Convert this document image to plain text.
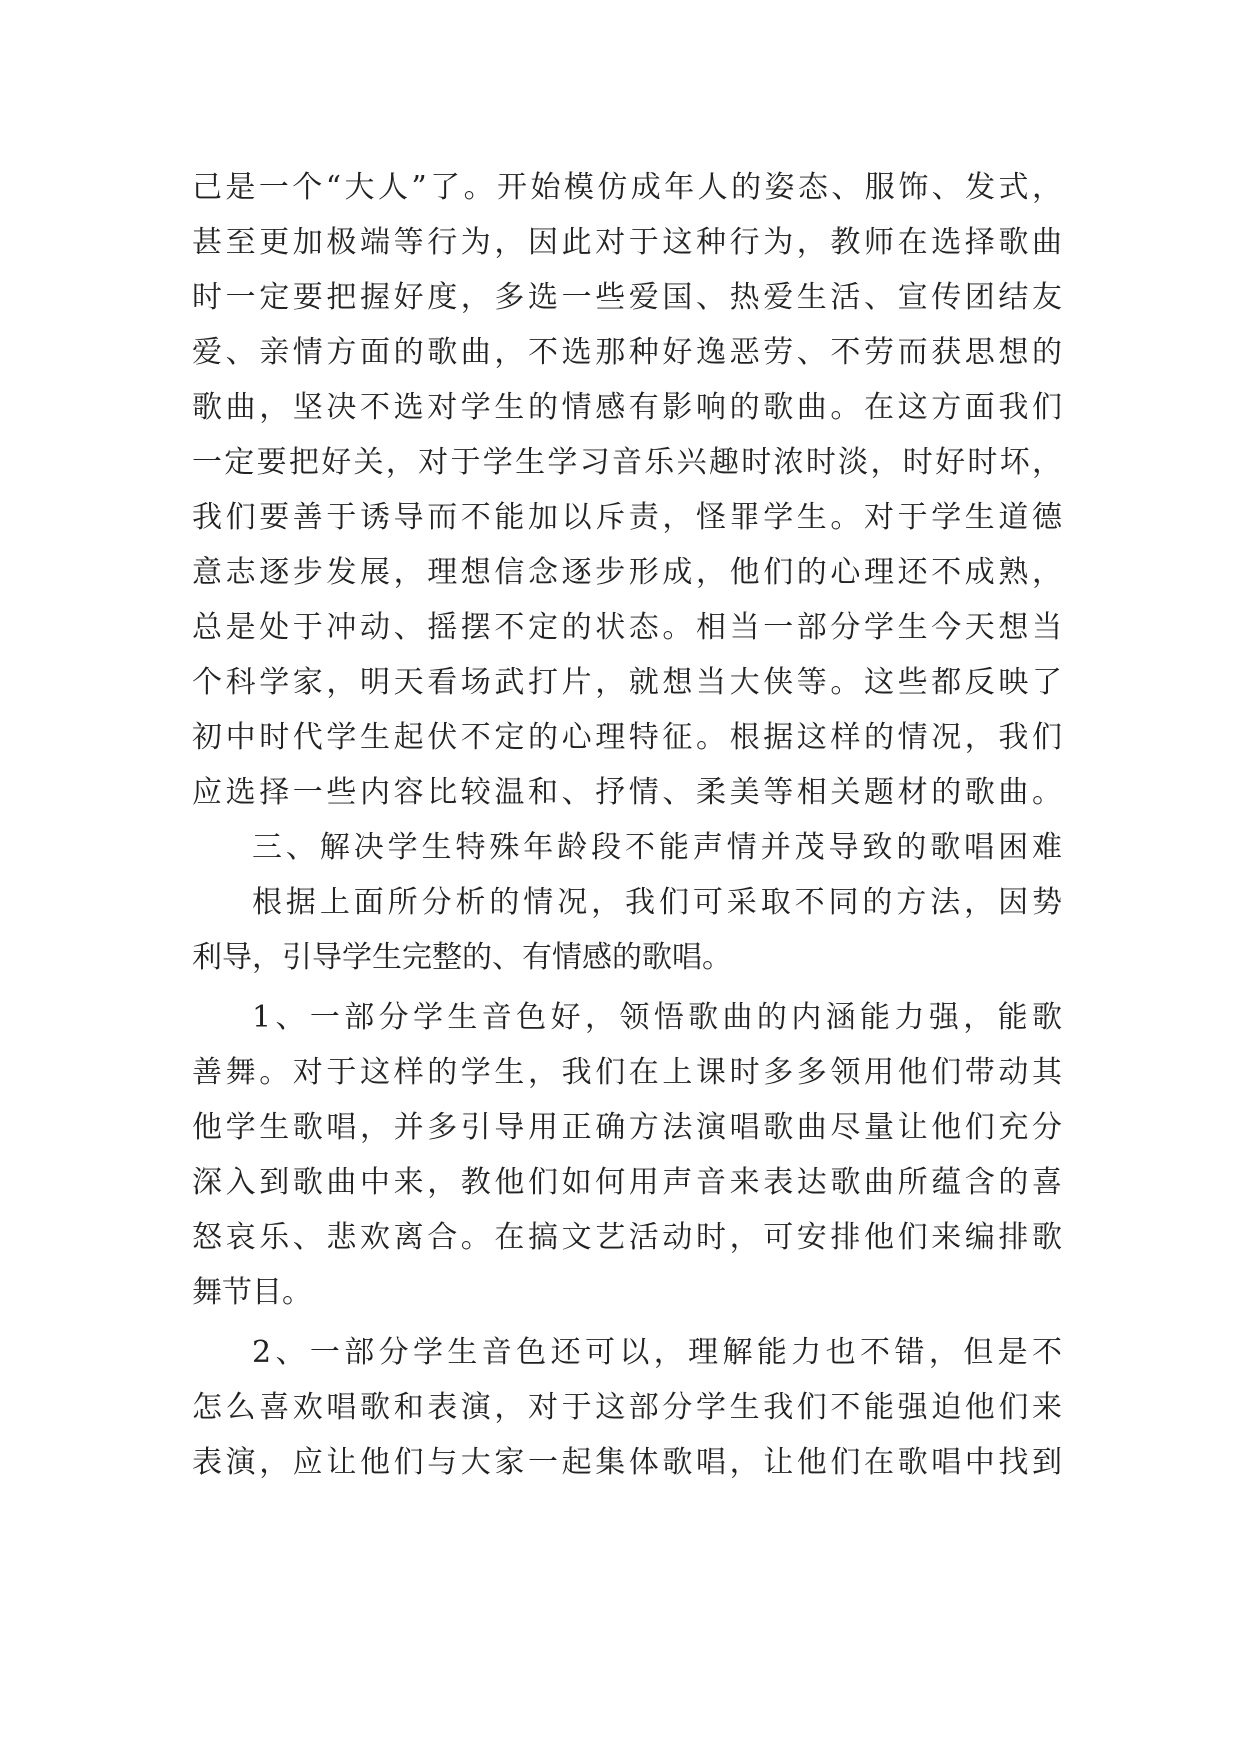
己是一个“大人”了。开始模仿成年人的姿态、服饰、发式，
甚至更加极端等行为，因此对于这种行为，教师在选择歌曲
时一定要把握好度，多选一些爱国、热爱生活、宣传团结友
爱、亲情方面的歌曲，不选那种好逸恶劳、不劳而获思想的
歌曲，坚决不选对学生的情感有影响的歌曲。在这方面我们
一定要把好关，对于学生学习音乐兴趣时浓时淡，时好时坏，
我们要善于诱导而不能加以斥责，怪罪学生。对于学生道德
意志逐步发展，理想信念逐步形成，他们的心理还不成熟，
总是处于冲动、摇摆不定的状态。相当一部分学生今天想当
个科学家，明天看场武打片，就想当大侠等。这些都反映了
初中时代学生起伏不定的心理特征。根据这样的情况，我们
应选择一些内容比较温和、抒情、柔美等相关题材的歌曲。
三、解决学生特殊年龄段不能声情并茂导致的歌唱困难
根据上面所分析的情况，我们可采取不同的方法，因势
利导，引导学生完整的、有情感的歌唱。
1、一部分学生音色好，领悟歌曲的内涵能力强，能歌
善舞。对于这样的学生，我们在上课时多多领用他们带动其
他学生歌唱，并多引导用正确方法演唱歌曲尽量让他们充分
深入到歌曲中来，教他们如何用声音来表达歌曲所蕴含的喜
怒哀乐、悲欢离合。在搞文艺活动时，可安排他们来编排歌
舞节目。
2、一部分学生音色还可以，理解能力也不错，但是不
怎么喜欢唱歌和表演，对于这部分学生我们不能强迫他们来
表演，应让他们与大家一起集体歌唱，让他们在歌唱中找到
